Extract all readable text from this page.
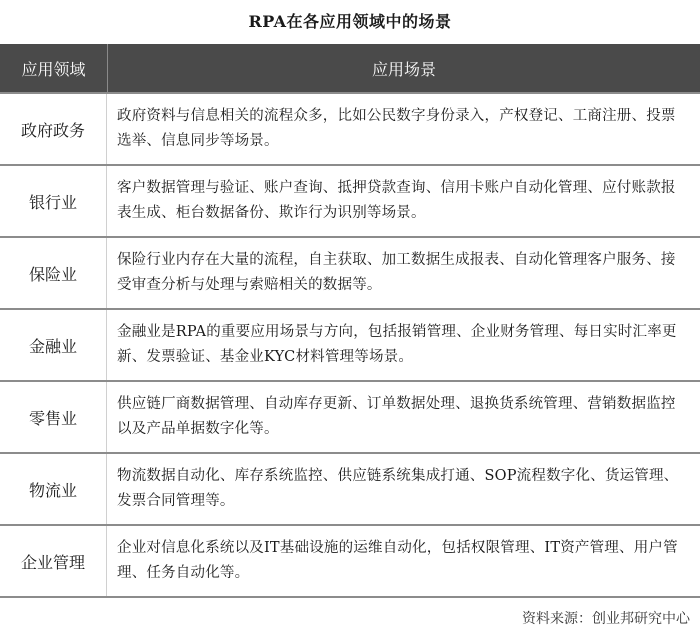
RPA在各应用领域中的场景
应用领域	应用场景
政府政务
政府资料与信息相关的流程众多，比如公民数字身份录入，产权登记、工商注册、投票选举、信息同步等场景。
银行业
客户数据管理与验证、账户查询、抵押贷款查询、信用卡账户自动化管理、应付账款报表生成、柜台数据备份、欺诈行为识别等场景。
保险业
保险行业内存在大量的流程，自主获取、加工数据生成报表、自动化管理客户服务、接受审查分析与处理与索赔相关的数据等。
金融业
金融业是RPA的重要应用场景与方向，包括报销管理、企业财务管理、每日实时汇率更新、发票验证、基金业KYC材料管理等场景。
零售业
供应链厂商数据管理、自动库存更新、订单数据处理、退换货系统管理、营销数据监控以及产品单据数字化等。
物流业
物流数据自动化、库存系统监控、供应链系统集成打通、SOP流程数字化、货运管理、发票合同管理等。
企业管理
企业对信息化系统以及IT基础设施的运维自动化，包括权限管理、IT资产管理、用户管理、任务自动化等。
资料来源：创业邦研究中心
